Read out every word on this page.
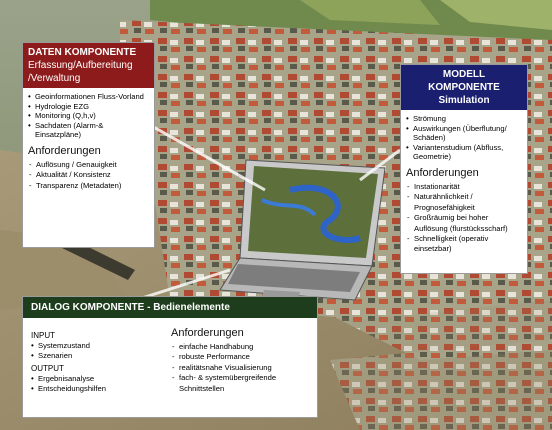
DATEN KOMPONENTE
Erfassung/Aufbereitung
/Verwaltung
• Geoinformationen Fluss-Vorland
• Hydrologie EZG
• Monitoring (Q,h,v)
• Sachdaten (Alarm-& Einsatzpläne)
Anforderungen
- Auflösung / Genauigkeit
- Aktualität / Konsistenz
- Transparenz (Metadaten)
MODELL KOMPONENTE
Simulation
• Strömung
• Auswirkungen (Überflutung/ Schäden)
• Variantenstudium (Abfluss, Geometrie)
Anforderungen
- Instationarität
- Naturähnlichkeit / Prognosefähigkeit
- Großräumig bei hoher Auflösung (flurstücksscharf)
- Schnelligkeit (operativ einsetzbar)
DIALOG KOMPONENTE - Bedienelemente
INPUT
• Systemzustand
• Szenarien
OUTPUT
• Ergebnisanalyse
• Entscheidungshilfen
Anforderungen
- einfache Handhabung
- robuste Performance
- realitätsnahe Visualisierung
- fach- & systemübergreifende Schnittstellen
